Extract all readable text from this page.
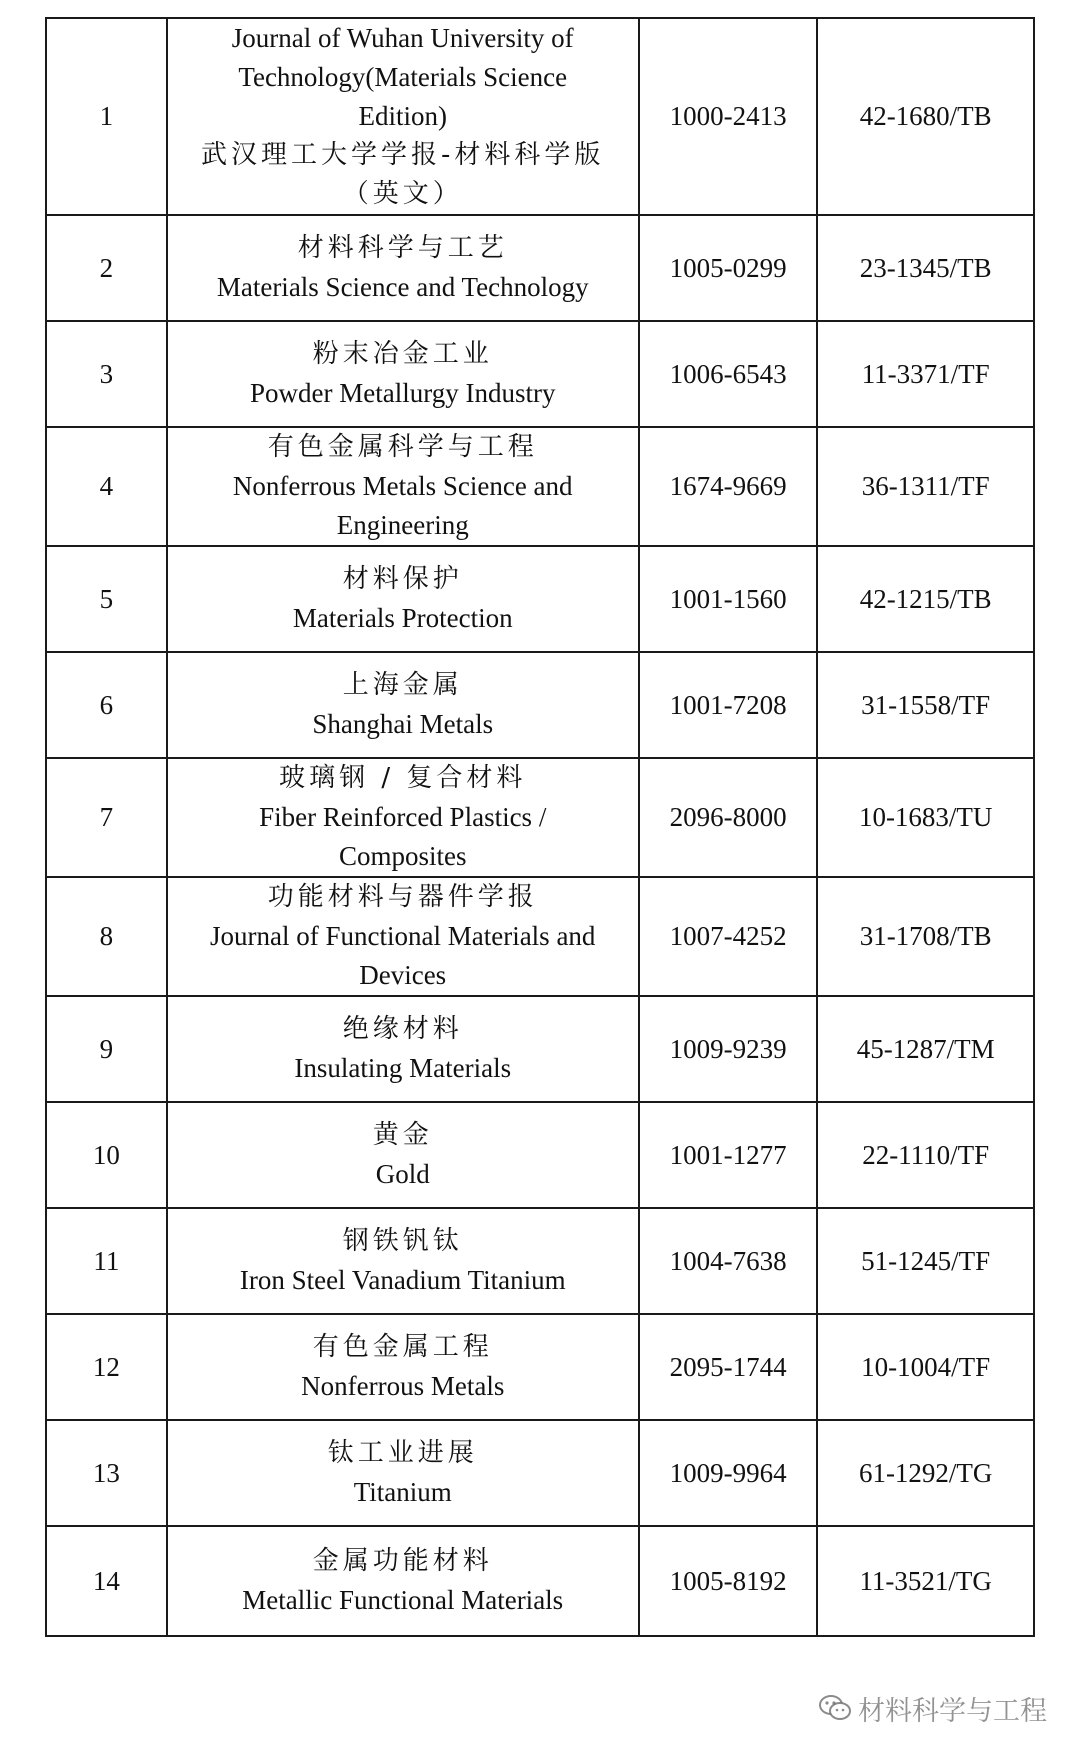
1	Journal of Wuhan University of
Technology(Materials Science
Edition)
武汉理工大学学报-材料科学版
（英文）	1000-2413	42-1680/TB
2	材料科学与工艺
Materials Science and Technology	1005-0299	23-1345/TB
3	粉末冶金工业
Powder Metallurgy Industry	1006-6543	11-3371/TF
4	有色金属科学与工程
Nonferrous Metals Science and
Engineering	1674-9669	36-1311/TF
5	材料保护
Materials Protection	1001-1560	42-1215/TB
6	上海金属
Shanghai Metals	1001-7208	31-1558/TF
7	玻璃钢 / 复合材料
Fiber Reinforced Plastics /
Composites	2096-8000	10-1683/TU
8	功能材料与器件学报
Journal of Functional Materials and
Devices	1007-4252	31-1708/TB
9	绝缘材料
Insulating Materials	1009-9239	45-1287/TM
10	黄金
Gold	1001-1277	22-1110/TF
11	钢铁钒钛
Iron Steel Vanadium Titanium	1004-7638	51-1245/TF
12	有色金属工程
Nonferrous Metals	2095-1744	10-1004/TF
13	钛工业进展
Titanium	1009-9964	61-1292/TG
14	金属功能材料
Metallic Functional Materials	1005-8192	11-3521/TG
材料科学与工程
